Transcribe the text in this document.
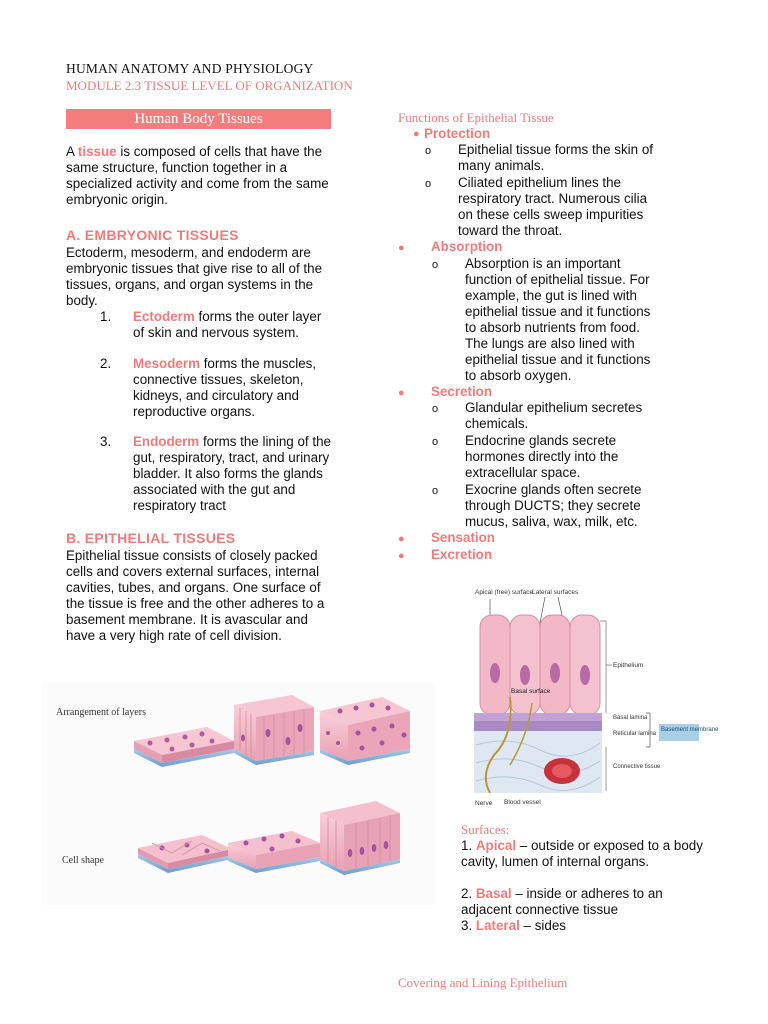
HUMAN ANATOMY AND PHYSIOLOGY
MODULE 2.3 TISSUE LEVEL OF ORGANIZATION
Human Body Tissues
A tissue is composed of cells that have the same structure, function together in a specialized activity and come from the same embryonic origin.
A. EMBRYONIC TISSUES
Ectoderm, mesoderm, and endoderm are embryonic tissues that give rise to all of the tissues, organs, and organ systems in the body.
1. Ectoderm forms the outer layer of skin and nervous system.
2. Mesoderm forms the muscles, connective tissues, skeleton, kidneys, and circulatory and reproductive organs.
3. Endoderm forms the lining of the gut, respiratory, tract, and urinary bladder. It also forms the glands associated with the gut and respiratory tract
B. EPITHELIAL TISSUES
Epithelial tissue consists of closely packed cells and covers external surfaces, internal cavities, tubes, and organs. One surface of the tissue is free and the other adheres to a basement membrane. It is avascular and have a very high rate of cell division.
Arrangement of layers
Cell shape
Functions of Epithelial Tissue
● Protection
o Epithelial tissue forms the skin of many animals.
o Ciliated epithelium lines the respiratory tract. Numerous cilia on these cells sweep impurities toward the throat.
● Absorption
o Absorption is an important function of epithelial tissue. For example, the gut is lined with epithelial tissue and it functions to absorb nutrients from food. The lungs are also lined with epithelial tissue and it functions to absorb oxygen.
● Secretion
o Glandular epithelium secretes chemicals.
o Endocrine glands secrete hormones directly into the extracellular space.
o Exocrine glands often secrete through DUCTS; they secrete mucus, saliva, wax, milk, etc.
● Sensation
● Excretion
Apical (free) surface
Lateral surfaces
Epithelium
Basal surface
Basal lamina
Reticular lamina
Basement membrane
Connective tissue
Nerve Blood vessel
Surfaces:
1. Apical – outside or exposed to a body cavity, lumen of internal organs.
2. Basal – inside or adheres to an adjacent connective tissue
3. Lateral – sides
Covering and Lining Epithelium
